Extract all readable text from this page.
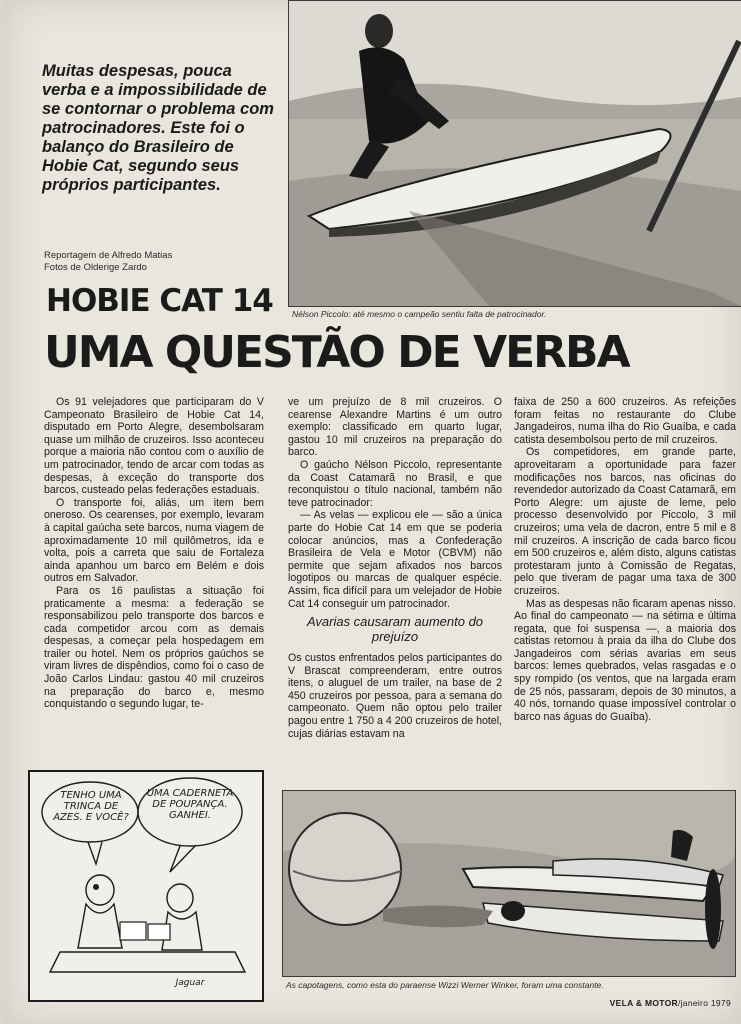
Muitas despesas, pouca verba e a impossibilidade de se contornar o problema com patrocinadores. Este foi o balanço do Brasileiro de Hobie Cat, segundo seus próprios participantes.

Reportagem de Alfredo Matias
Fotos de Olderige Zardo
HOBIE CAT 14
UMA QUESTÃO DE VERBA
Nélson Piccolo: até mesmo o campeão sentiu falta de patrocinador.

Os 91 velejadores que participaram do V Campeonato Brasileiro de Hobie Cat 14, disputado em Porto Alegre, desembolsaram quase um milhão de cruzeiros. Isso aconteceu porque a maioria não contou com o auxílio de um patrocinador, tendo de arcar com todas as despesas, à exceção do transporte dos barcos, custeado pelas federações estaduais.

O transporte foi, aliás, um item bem oneroso. Os cearenses, por exemplo, levaram à capital gaúcha sete barcos, numa viagem de aproximadamente 10 mil quilômetros, ida e volta, pois a carreta que saiu de Fortaleza ainda apanhou um barco em Belém e dois outros em Salvador.

Para os 16 paulistas a situação foi praticamente a mesma: a federação se responsabilizou pelo transporte dos barcos e cada competidor arcou com as demais despesas, a começar pela hospedagem em trailer ou hotel. Nem os próprios gaúchos se viram livres de dispêndios, como foi o caso de João Carlos Lindau: gastou 40 mil cruzeiros na preparação do barco e, mesmo conquistando o segundo lugar, te-

ve um prejuízo de 8 mil cruzeiros. O cearense Alexandre Martins é um outro exemplo: classificado em quarto lugar, gastou 10 mil cruzeiros na preparação do barco.

O gaúcho Nélson Piccolo, representante da Coast Catamarã no Brasil, e que reconquistou o título nacional, também não teve patrocinador:

— As velas — explicou ele — são a única parte do Hobie Cat 14 em que se poderia colocar anúncios, mas a Confederação Brasileira de Vela e Motor (CBVM) não permite que sejam afixados nos barcos logotipos ou marcas de qualquer espécie. Assim, fica difícil para um velejador de Hobie Cat 14 conseguir um patrocinador.

Avarias causaram aumento do prejuízo

Os custos enfrentados pelos participantes do V Brascat compreenderam, entre outros itens, o aluguel de um trailer, na base de 2 450 cruzeiros por pessoa, para a semana do campeonato. Quem não optou pelo trailer pagou entre 1 750 a 4 200 cruzeiros de hotel, cujas diárias estavam na

faixa de 250 a 600 cruzeiros. As refeições foram feitas no restaurante do Clube Jangadeiros, numa ilha do Rio Guaíba, e cada catista desembolsou perto de mil cruzeiros.

Os competidores, em grande parte, aproveitaram a oportunidade para fazer modificações nos barcos, nas oficinas do revendedor autorizado da Coast Catamarã, em Porto Alegre: um ajuste de leme, pelo processo desenvolvido por Piccolo, 3 mil cruzeiros; uma vela de dacron, entre 5 mil e 8 mil cruzeiros. A inscrição de cada barco ficou em 500 cruzeiros e, além disto, alguns catistas protestaram junto à Comissão de Regatas, pelo que tiveram de pagar uma taxa de 300 cruzeiros.

Mas as despesas não ficaram apenas nisso. Ao final do campeonato — na sétima e última regata, que foi suspensa —, a maioria dos catistas retornou à praia da ilha do Clube dos Jangadeiros com sérias avarias em seus barcos: lemes quebrados, velas rasgadas e o spy rompido (os ventos, que na largada eram de 25 nós, passaram, depois de 30 minutos, a 40 nós, tornando quase impossível controlar o barco nas águas do Guaíba).

TENHO UMA TRINCA DE AZES. E VOCÊ?
UMA CADERNETA DE POUPANÇA. GANHEI.
Jaguar	As capotagens, como esta do paraense Wizzi Werner Winker, foram uma constante.
VELA & MOTOR/janeiro 1979
